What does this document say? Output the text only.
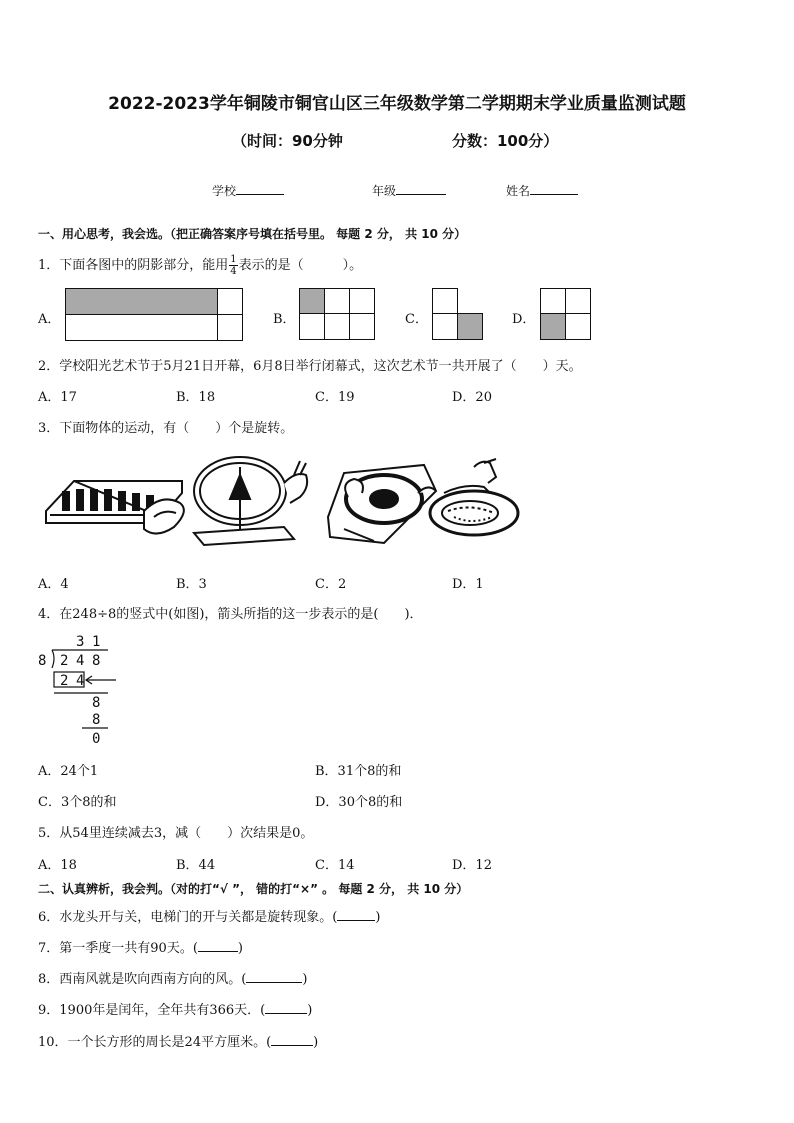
2022-2023学年铜陵市铜官山区三年级数学第二学期期末学业质量监测试题
（时间：90分钟	分数：100分）
学校	年级	姓名
一、用心思考，我会选。（把正确答案序号填在括号里。 每题 2 分， 共 10 分）
1．下面各图中的阴影部分，能用 $\frac{1}{4}$ 表示的是（　　　）。
A．	B．	C．	D．
2．学校阳光艺术节于5月21日开幕，6月8日举行闭幕式，这次艺术节一共开展了（　　）天。
A．17	B．18	C．19	D．20
3．下面物体的运动，有（　　）个是旋转。
A．4	B．3	C．2	D．1
4．在248÷8的竖式中(如图)，箭头所指的这一步表示的是(　　)．
3 1
8 2 4 8
2 4
8
8
0
A．24个1	B．31个8的和
C．3个8的和	D．30个8的和
5．从54里连续减去3，减（　　）次结果是0。
A．18	B．44	C．14	D．12
二、认真辨析，我会判。（对的打“√ ”， 错的打“×” 。 每题 2 分， 共 10 分）
6．水龙头开与关，电梯门的开与关都是旋转现象。(	)
7．第一季度一共有90天。(	)
8．西南风就是吹向西南方向的风。(	)
9．1900年是闰年，全年共有366天．(	)
10．一个长方形的周长是24平方厘米。(	)
